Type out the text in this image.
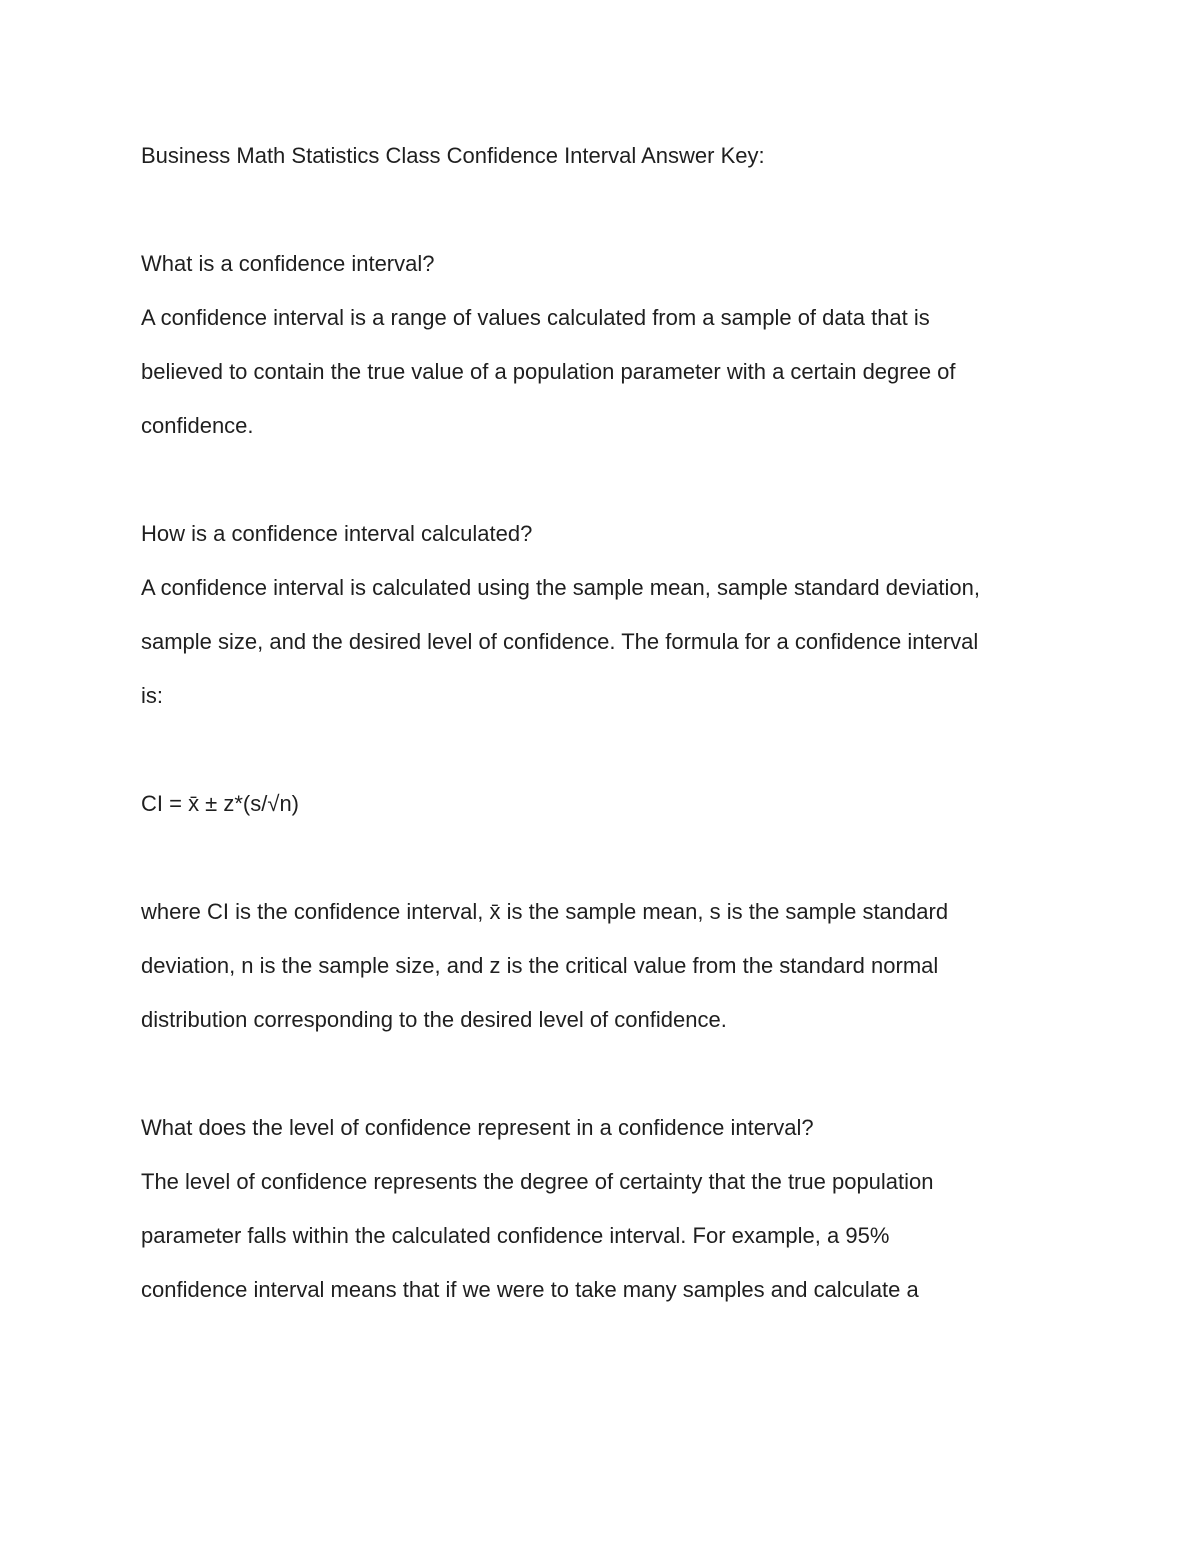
Business Math Statistics Class Confidence Interval Answer Key:
What is a confidence interval?
A confidence interval is a range of values calculated from a sample of data that is
believed to contain the true value of a population parameter with a certain degree of
confidence.
How is a confidence interval calculated?
A confidence interval is calculated using the sample mean, sample standard deviation,
sample size, and the desired level of confidence. The formula for a confidence interval
is:
CI = x̄ ± z*(s/√n)
where CI is the confidence interval, x̄ is the sample mean, s is the sample standard
deviation, n is the sample size, and z is the critical value from the standard normal
distribution corresponding to the desired level of confidence.
What does the level of confidence represent in a confidence interval?
The level of confidence represents the degree of certainty that the true population
parameter falls within the calculated confidence interval. For example, a 95%
confidence interval means that if we were to take many samples and calculate a
